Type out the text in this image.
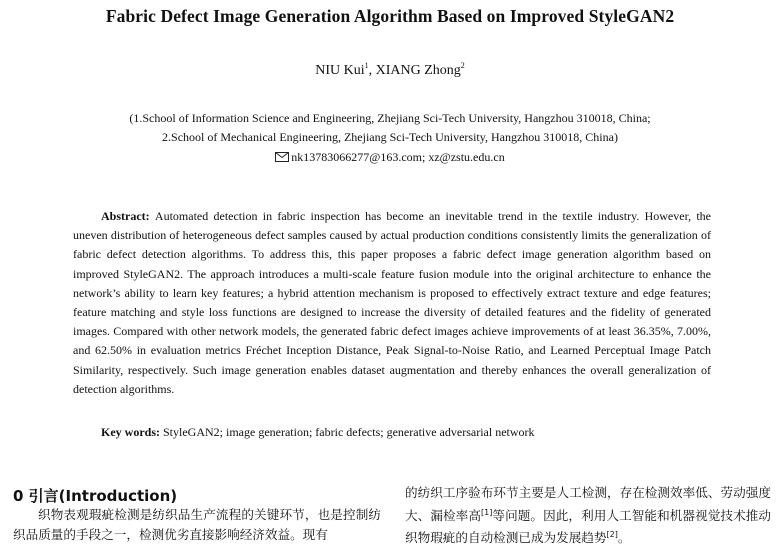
Fabric Defect Image Generation Algorithm Based on Improved StyleGAN2
NIU Kui$^1$, XIANG Zhong$^2$
(1.School of Information Science and Engineering, Zhejiang Sci-Tech University, Hangzhou 310018, China;
2.School of Mechanical Engineering, Zhejiang Sci-Tech University, Hangzhou 310018, China)
nk13783066277@163.com; xz@zstu.edu.cn
Abstract: Automated detection in fabric inspection has become an inevitable trend in the textile industry. However, the uneven distribution of heterogeneous defect samples caused by actual production conditions consistently limits the generalization of fabric defect detection algorithms. To address this, this paper proposes a fabric defect image generation algorithm based on improved StyleGAN2. The approach introduces a multi-scale feature fusion module into the original architecture to enhance the network’s ability to learn key features; a hybrid attention mechanism is proposed to effectively extract texture and edge features; feature matching and style loss functions are designed to increase the diversity of detailed features and the fidelity of generated images. Compared with other network models, the generated fabric defect images achieve improvements of at least 36.35%, 7.00%, and 62.50% in evaluation metrics Fréchet Inception Distance, Peak Signal-to-Noise Ratio, and Learned Perceptual Image Patch Similarity, respectively. Such image generation enables dataset augmentation and thereby enhances the overall generalization of detection algorithms.
Key words: StyleGAN2; image generation; fabric defects; generative adversarial network
0 引言(Introduction)
织物表观瑕疵检测是纺织品生产流程的关键环节，也是控制纺织品质量的手段之一，检测优劣直接影响经济效益。现有
的纺织工序验布环节主要是人工检测，存在检测效率低、劳动强度大、漏检率高[1]等问题。因此，利用人工智能和机器视觉技术推动织物瑕疵的自动检测已成为发展趋势[2]。
